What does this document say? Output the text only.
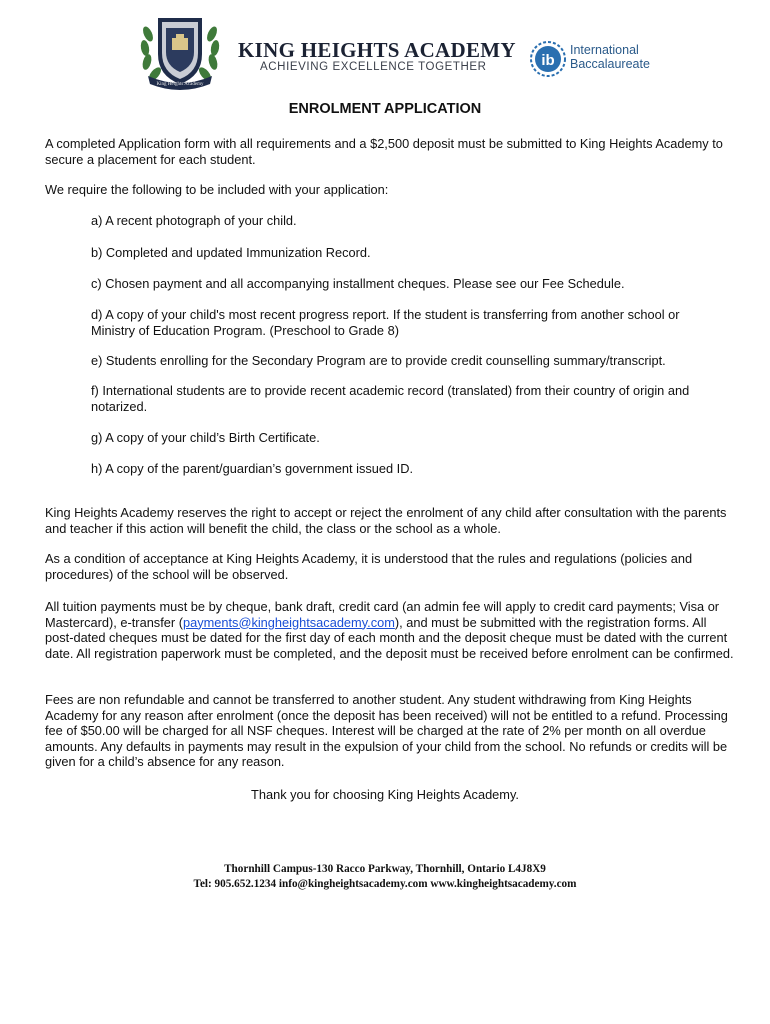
King Heights Academy
KING HEIGHTS ACADEMY
ACHIEVING EXCELLENCE TOGETHER	ib
International
Baccalaureate
ENROLMENT APPLICATION

A completed Application form with all requirements and a $2,500 deposit must be submitted to King Heights Academy to secure a placement for each student.

We require the following to be included with your application:

a) A recent photograph of your child.

b) Completed and updated Immunization Record.

c) Chosen payment and all accompanying installment cheques. Please see our Fee Schedule.

d) A copy of your child's most recent progress report. If the student is transferring from another school or Ministry of Education Program. (Preschool to Grade 8)

e) Students enrolling for the Secondary Program are to provide credit counselling summary/transcript.

f) International students are to provide recent academic record (translated) from their country of origin and notarized.

g) A copy of your child’s Birth Certificate.

h) A copy of the parent/guardian’s government issued ID.

King Heights Academy reserves the right to accept or reject the enrolment of any child after consultation with the parents and teacher if this action will benefit the child, the class or the school as a whole.

As a condition of acceptance at King Heights Academy, it is understood that the rules and regulations (policies and procedures) of the school will be observed.

All tuition payments must be by cheque, bank draft, credit card (an admin fee will apply to credit card payments; Visa or Mastercard), e-transfer (payments@kingheightsacademy.com), and must be submitted with the registration forms. All post-dated cheques must be dated for the first day of each month and the deposit cheque must be dated with the current date. All registration paperwork must be completed, and the deposit must be received before enrolment can be confirmed.

Fees are non refundable and cannot be transferred to another student. Any student withdrawing from King Heights Academy for any reason after enrolment (once the deposit has been received) will not be entitled to a refund. Processing fee of $50.00 will be charged for all NSF cheques. Interest will be charged at the rate of 2% per month on all overdue amounts. Any defaults in payments may result in the expulsion of your child from the school. No refunds or credits will be given for a child’s absence for any reason.

Thank you for choosing King Heights Academy.
Thornhill Campus-130 Racco Parkway, Thornhill, Ontario L4J8X9
Tel: 905.652.1234 info@kingheightsacademy.com www.kingheightsacademy.com
